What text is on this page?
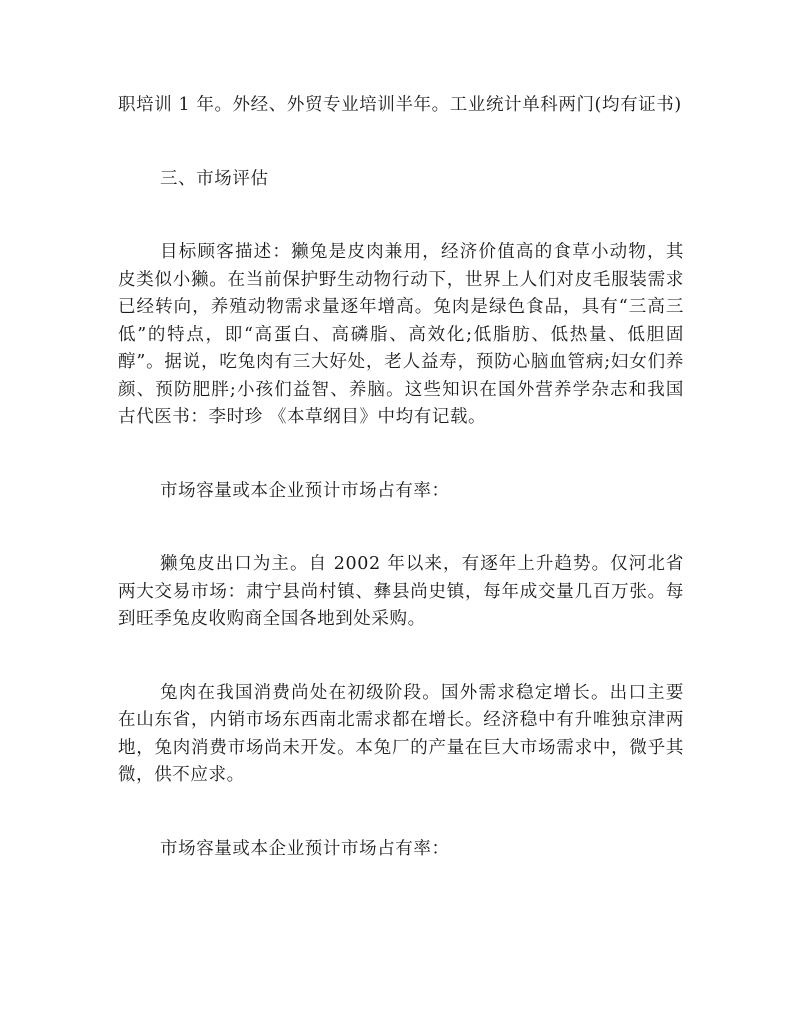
职培训 1 年。外经、外贸专业培训半年。工业统计单科两门(均有证书)

三、市场评估

目标顾客描述：獭兔是皮肉兼用，经济价值高的食草小动物，其皮类似小獭。在当前保护野生动物行动下，世界上人们对皮毛服装需求已经转向，养殖动物需求量逐年增高。兔肉是绿色食品，具有“三高三低”的特点，即“高蛋白、高磷脂、高效化;低脂肪、低热量、低胆固醇”。据说，吃兔肉有三大好处，老人益寿，预防心脑血管病;妇女们养颜、预防肥胖;小孩们益智、养脑。这些知识在国外营养学杂志和我国古代医书：李时珍 《本草纲目》中均有记载。

市场容量或本企业预计市场占有率：

獭兔皮出口为主。自 2002 年以来，有逐年上升趋势。仅河北省两大交易市场：肃宁县尚村镇、彝县尚史镇，每年成交量几百万张。每到旺季兔皮收购商全国各地到处采购。

兔肉在我国消费尚处在初级阶段。国外需求稳定增长。出口主要在山东省，内销市场东西南北需求都在增长。经济稳中有升唯独京津两地，兔肉消费市场尚未开发。本兔厂的产量在巨大市场需求中，微乎其微，供不应求。

市场容量或本企业预计市场占有率：
